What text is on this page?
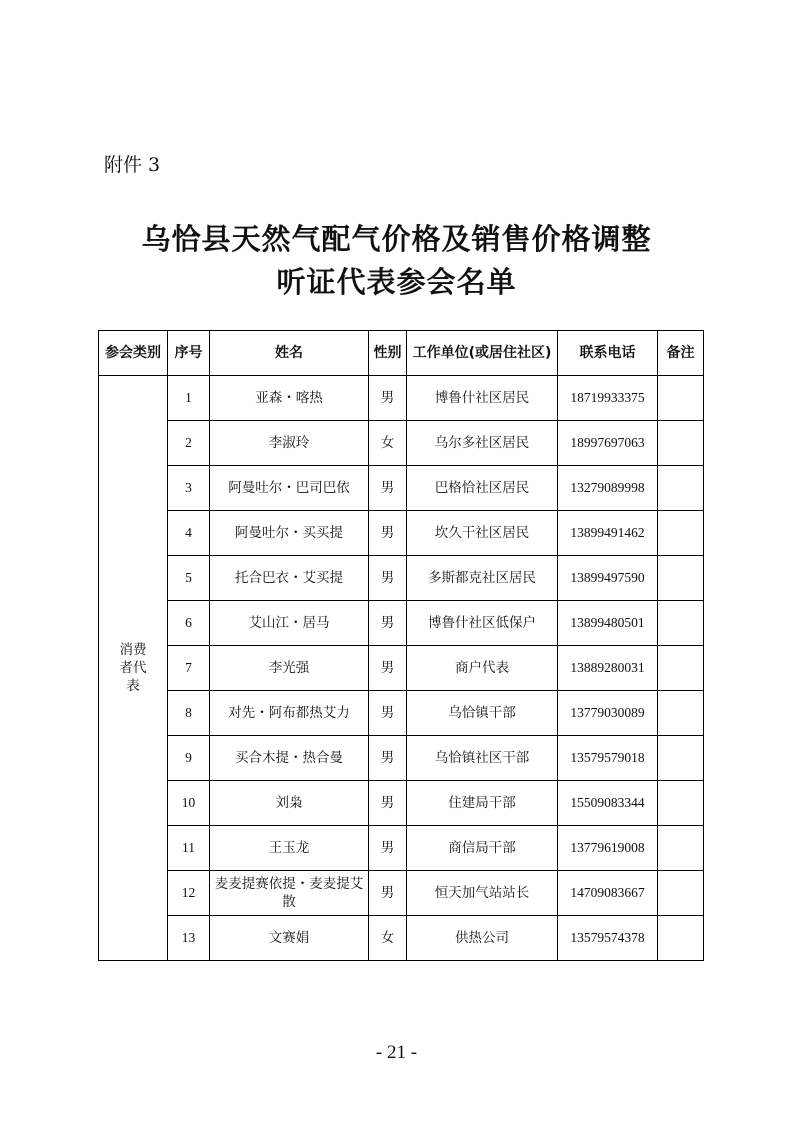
附件 3
乌恰县天然气配气价格及销售价格调整
听证代表参会名单
参会类别	序号	姓名	性别	工作单位(或居住社区)	联系电话	备注
消费者代表	1	亚森・喀热	男	博鲁什社区居民	18719933375	
	2	李淑玲	女	乌尔多社区居民	18997697063	
	3	阿曼吐尔・巴司巴依	男	巴格恰社区居民	13279089998	
	4	阿曼吐尔・买买提	男	坎久干社区居民	13899491462	
	5	托合巴衣・艾买提	男	多斯都克社区居民	13899497590	
	6	艾山江・居马	男	博鲁什社区低保户	13899480501	
	7	李光强	男	商户代表	13889280031	
	8	对先・阿布都热艾力	男	乌恰镇干部	13779030089	
	9	买合木提・热合曼	男	乌恰镇社区干部	13579579018	
	10	刘枭	男	住建局干部	15509083344	
	11	王玉龙	男	商信局干部	13779619008	
	12	麦麦提赛依提・麦麦提艾散	男	恒天加气站站长	14709083667	
	13	文赛娟	女	供热公司	13579574378	
- 21 -
